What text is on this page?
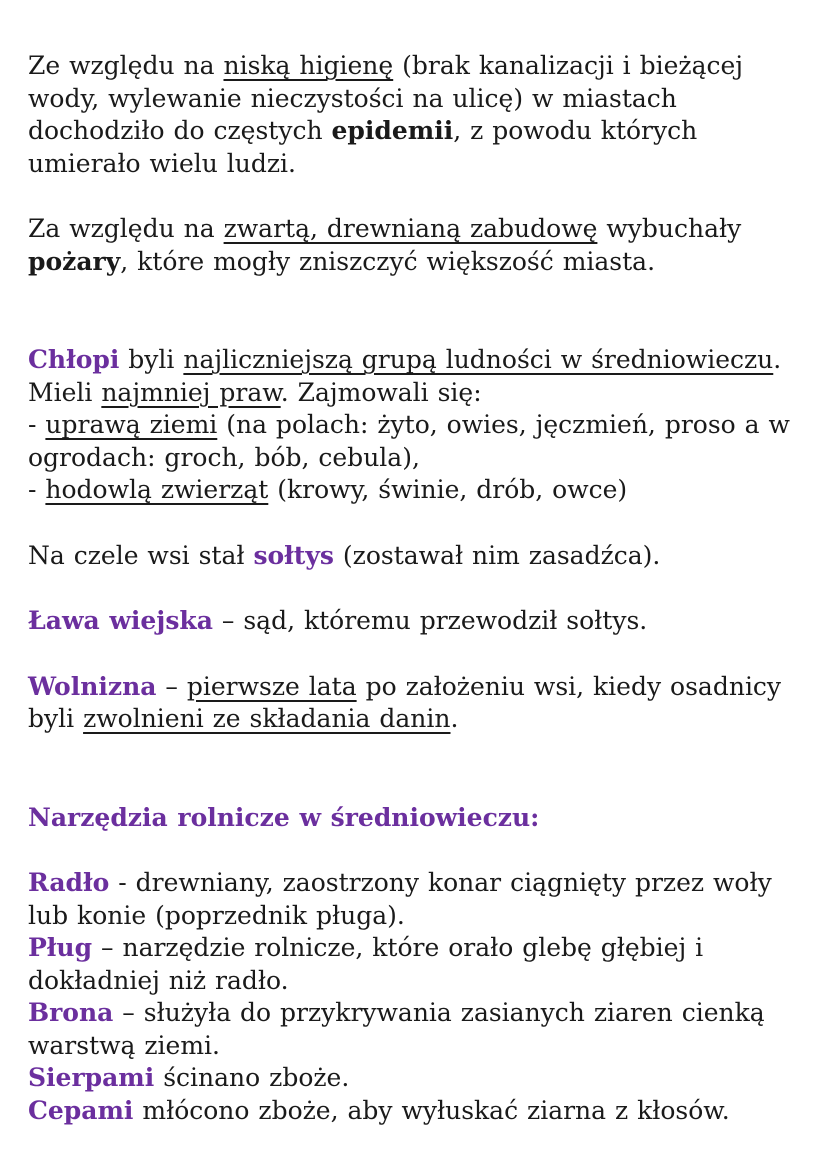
Ze względu na niską higienę (brak kanalizacji i bieżącej wody, wylewanie nieczystości na ulicę) w miastach dochodziło do częstych epidemii, z powodu których umierało wielu ludzi.

Za względu na zwartą, drewnianą zabudowę wybuchały pożary, które mogły zniszczyć większość miasta.

Chłopi byli najliczniejszą grupą ludności w średniowieczu. Mieli najmniej praw. Zajmowali się:
- uprawą ziemi (na polach: żyto, owies, jęczmień, proso a w ogrodach: groch, bób, cebula),
- hodowlą zwierząt (krowy, świnie, drób, owce)

Na czele wsi stał sołtys (zostawał nim zasadźca).

Ława wiejska – sąd, któremu przewodził sołtys.

Wolnizna – pierwsze lata po założeniu wsi, kiedy osadnicy byli zwolnieni ze składania danin.

Narzędzia rolnicze w średniowieczu:

Radło - drewniany, zaostrzony konar ciągnięty przez woły lub konie (poprzednik pługa).
Pług – narzędzie rolnicze, które orało glebę głębiej i dokładniej niż radło.
Brona – służyła do przykrywania zasianych ziaren cienką warstwą ziemi.
Sierpami ścinano zboże.
Cepami młócono zboże, aby wyłuskać ziarna z kłosów.
